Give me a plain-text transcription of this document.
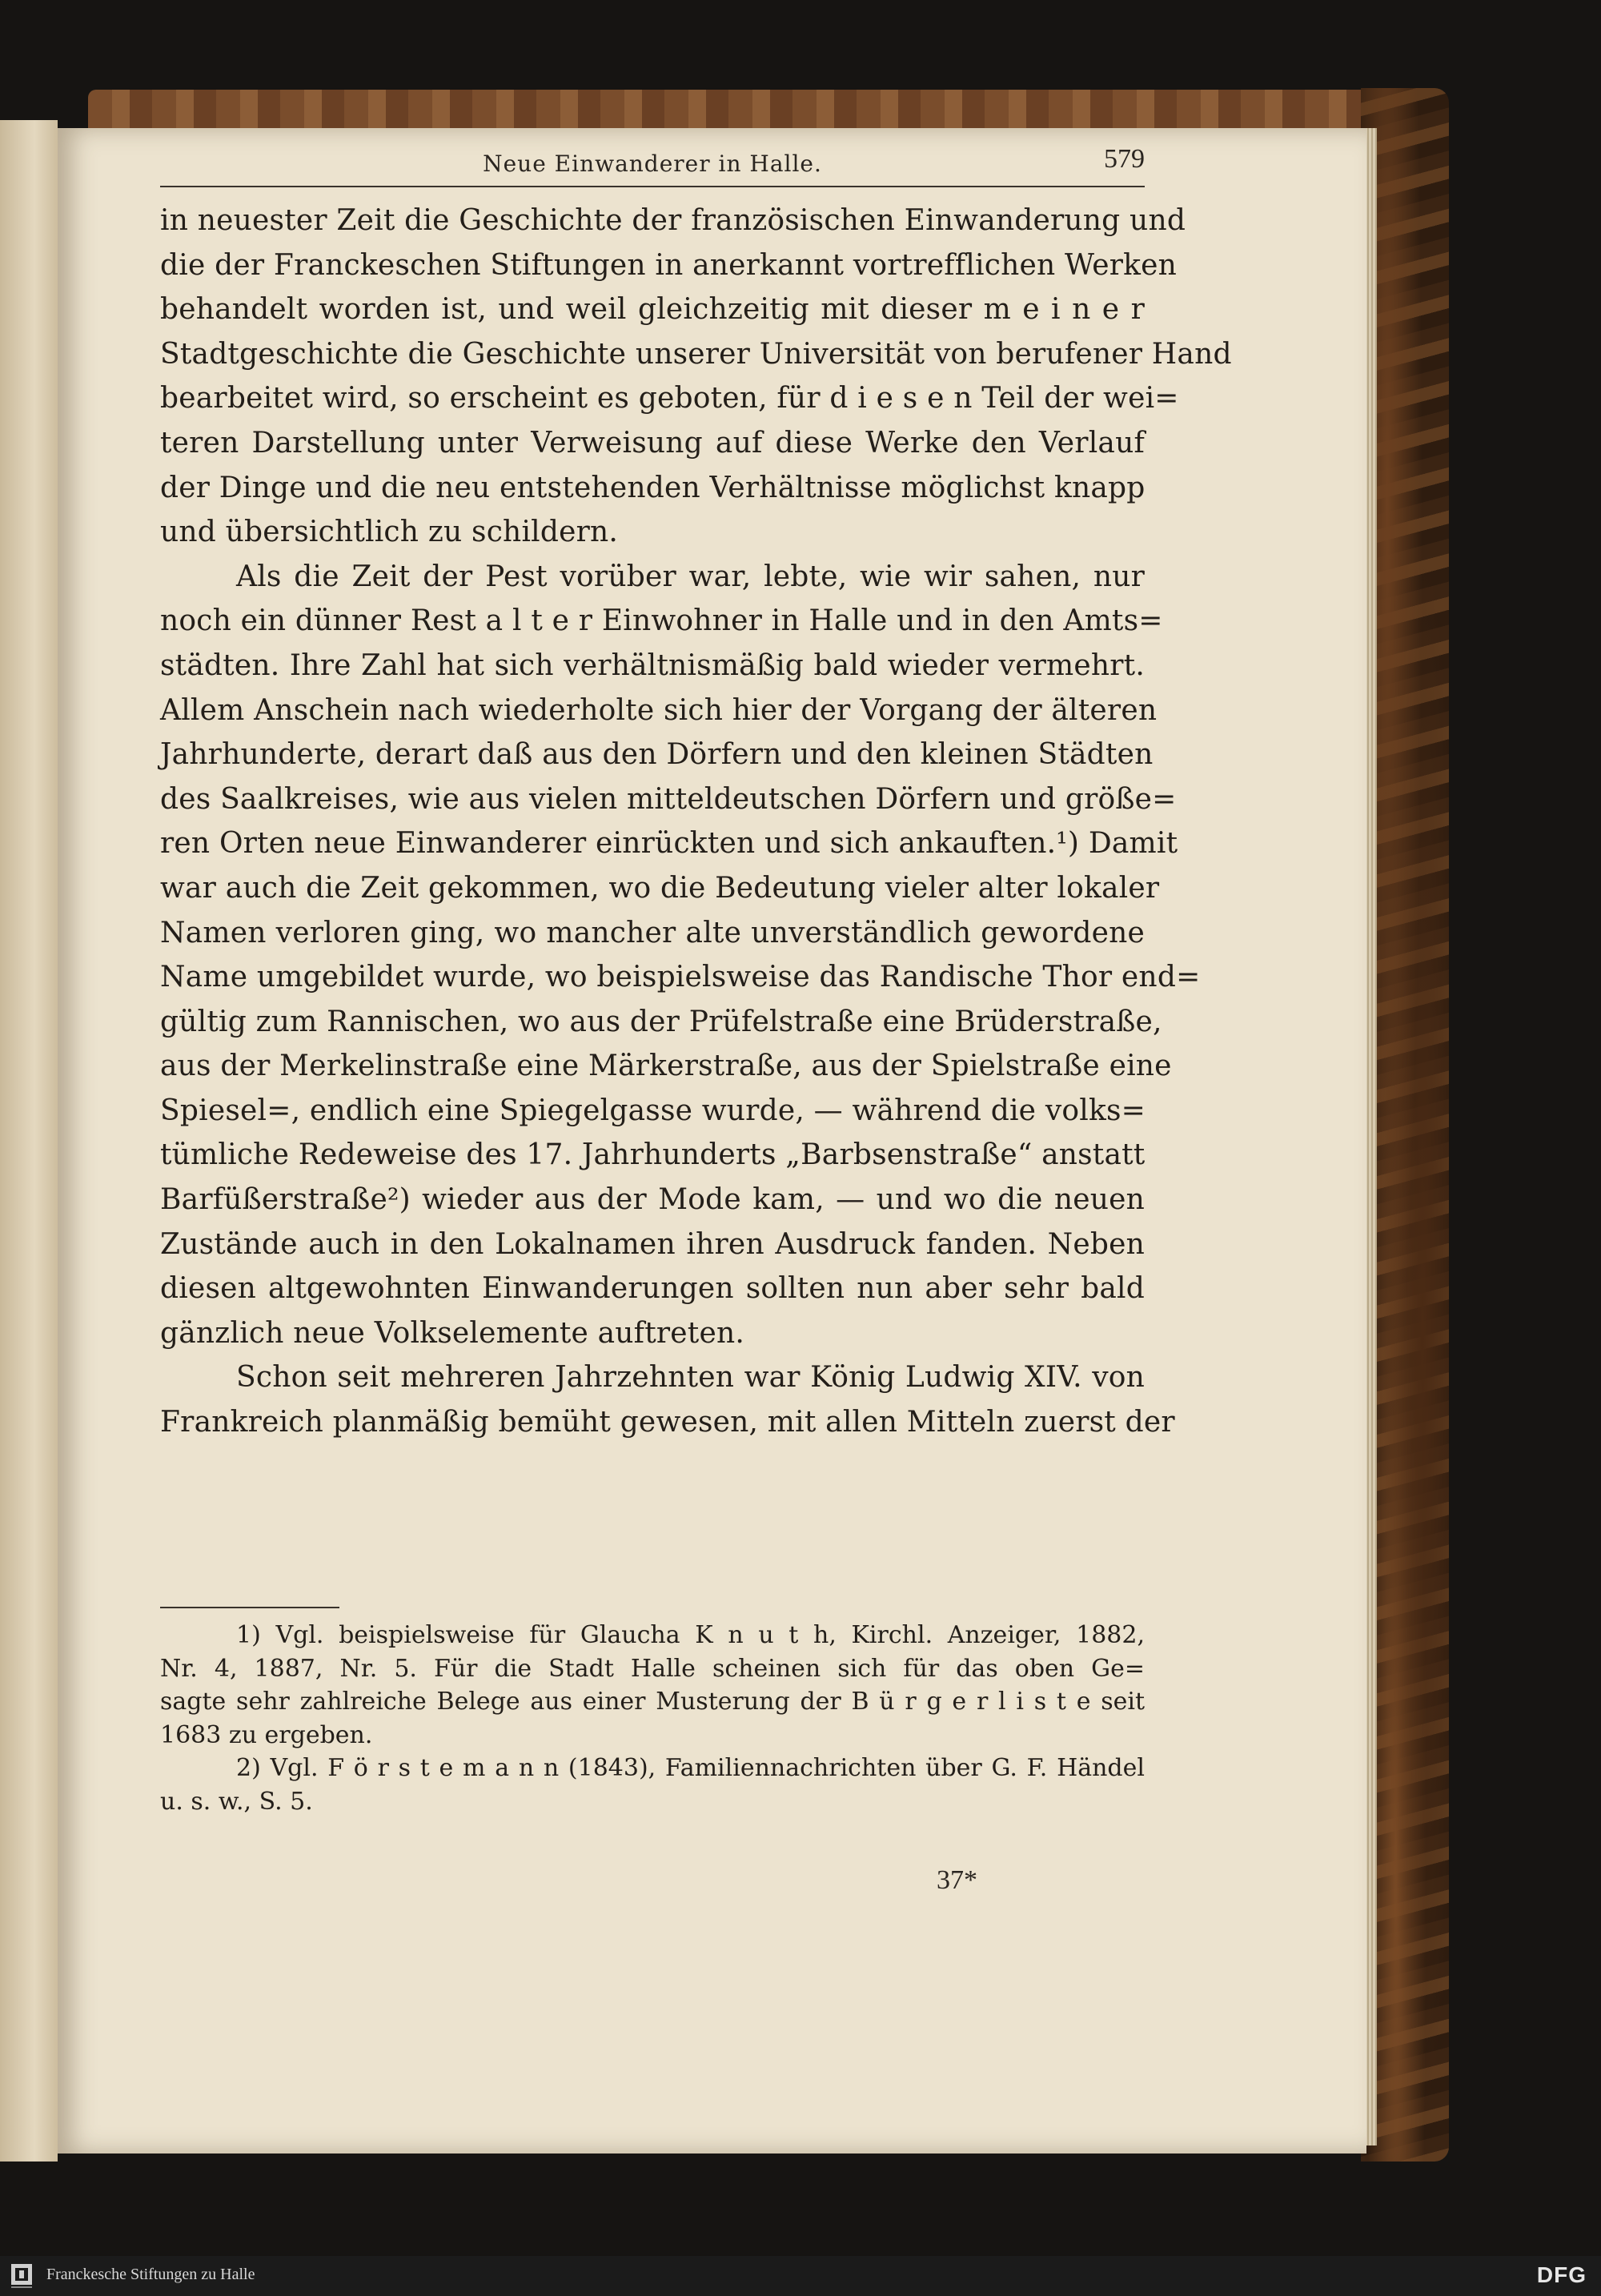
Neue Einwanderer in Halle.	579
in neuester Zeit die Geschichte der französischen Einwanderung und
die der Franckeschen Stiftungen in anerkannt vortrefflichen Werken
behandelt worden ist, und weil gleichzeitig mit dieser m e i n e r
Stadtgeschichte die Geschichte unserer Universität von berufener Hand
bearbeitet wird, so erscheint es geboten, für d i e s e n Teil der wei=
teren Darstellung unter Verweisung auf diese Werke den Verlauf
der Dinge und die neu entstehenden Verhältnisse möglichst knapp
und übersichtlich zu schildern.
Als die Zeit der Pest vorüber war, lebte, wie wir sahen, nur
noch ein dünner Rest a l t e r Einwohner in Halle und in den Amts=
städten. Ihre Zahl hat sich verhältnismäßig bald wieder vermehrt.
Allem Anschein nach wiederholte sich hier der Vorgang der älteren
Jahrhunderte, derart daß aus den Dörfern und den kleinen Städten
des Saalkreises, wie aus vielen mitteldeutschen Dörfern und größe=
ren Orten neue Einwanderer einrückten und sich ankauften.¹) Damit
war auch die Zeit gekommen, wo die Bedeutung vieler alter lokaler
Namen verloren ging, wo mancher alte unverständlich gewordene
Name umgebildet wurde, wo beispielsweise das Randische Thor end=
gültig zum Rannischen, wo aus der Prüfelstraße eine Brüderstraße,
aus der Merkelinstraße eine Märkerstraße, aus der Spielstraße eine
Spiesel=, endlich eine Spiegelgasse wurde, — während die volks=
tümliche Redeweise des 17. Jahrhunderts „Barbsenstraße“ anstatt
Barfüßerstraße²) wieder aus der Mode kam, — und wo die neuen
Zustände auch in den Lokalnamen ihren Ausdruck fanden. Neben
diesen altgewohnten Einwanderungen sollten nun aber sehr bald
gänzlich neue Volkselemente auftreten.
Schon seit mehreren Jahrzehnten war König Ludwig XIV. von
Frankreich planmäßig bemüht gewesen, mit allen Mitteln zuerst der
1) Vgl. beispielsweise für Glaucha K n u t h, Kirchl. Anzeiger, 1882,
Nr. 4, 1887, Nr. 5. Für die Stadt Halle scheinen sich für das oben Ge=
sagte sehr zahlreiche Belege aus einer Musterung der B ü r g e r l i s t e seit
1683 zu ergeben.
2) Vgl. F ö r s t e m a n n (1843), Familiennachrichten über G. F. Händel
u. s. w., S. 5.
37*
Franckesche Stiftungen zu Halle	DFG
